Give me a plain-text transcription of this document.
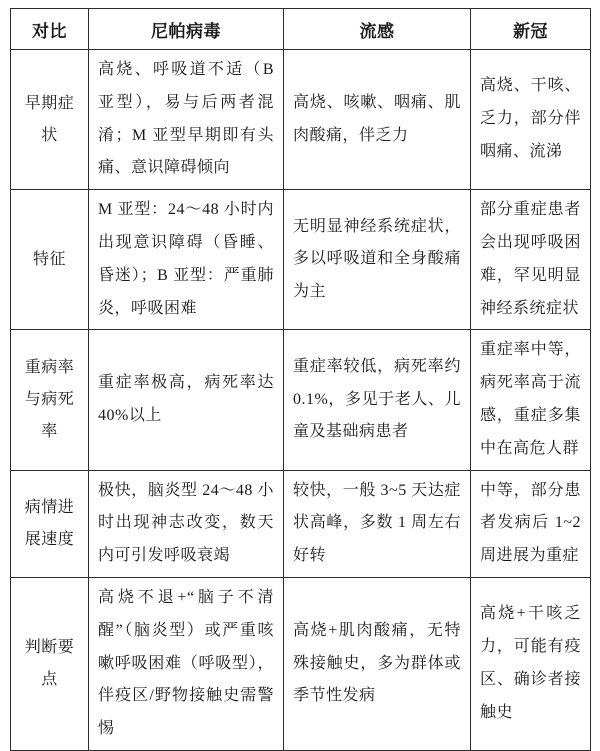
对比	尼帕病毒	流感	新冠
早期症状	高烧、呼吸道不适（B 亚型），易与后两者混淆；M 亚型早期即有头痛、意识障碍倾向	高烧、咳嗽、咽痛、肌肉酸痛，伴乏力	高烧、干咳、乏力，部分伴咽痛、流涕
特征	M 亚型：24～48 小时内出现意识障碍（昏睡、昏迷）；B 亚型：严重肺炎，呼吸困难	无明显神经系统症状，多以呼吸道和全身酸痛为主	部分重症患者会出现呼吸困难，罕见明显神经系统症状
重病率与病死率	重症率极高，病死率达 40%以上	重症率较低，病死率约 0.1%，多见于老人、儿童及基础病患者	重症率中等，病死率高于流感，重症多集中在高危人群
病情进展速度	极快，脑炎型 24～48 小时出现神志改变，数天内可引发呼吸衰竭	较快，一般 3~5 天达症状高峰，多数 1 周左右好转	中等，部分患者发病后 1~2 周进展为重症
判断要点	高烧不退+“脑子不清醒”（脑炎型）或严重咳嗽呼吸困难（呼吸型），伴疫区/野物接触史需警惕	高烧+肌肉酸痛，无特殊接触史，多为群体或季节性发病	高烧+干咳乏力，可能有疫区、确诊者接触史
